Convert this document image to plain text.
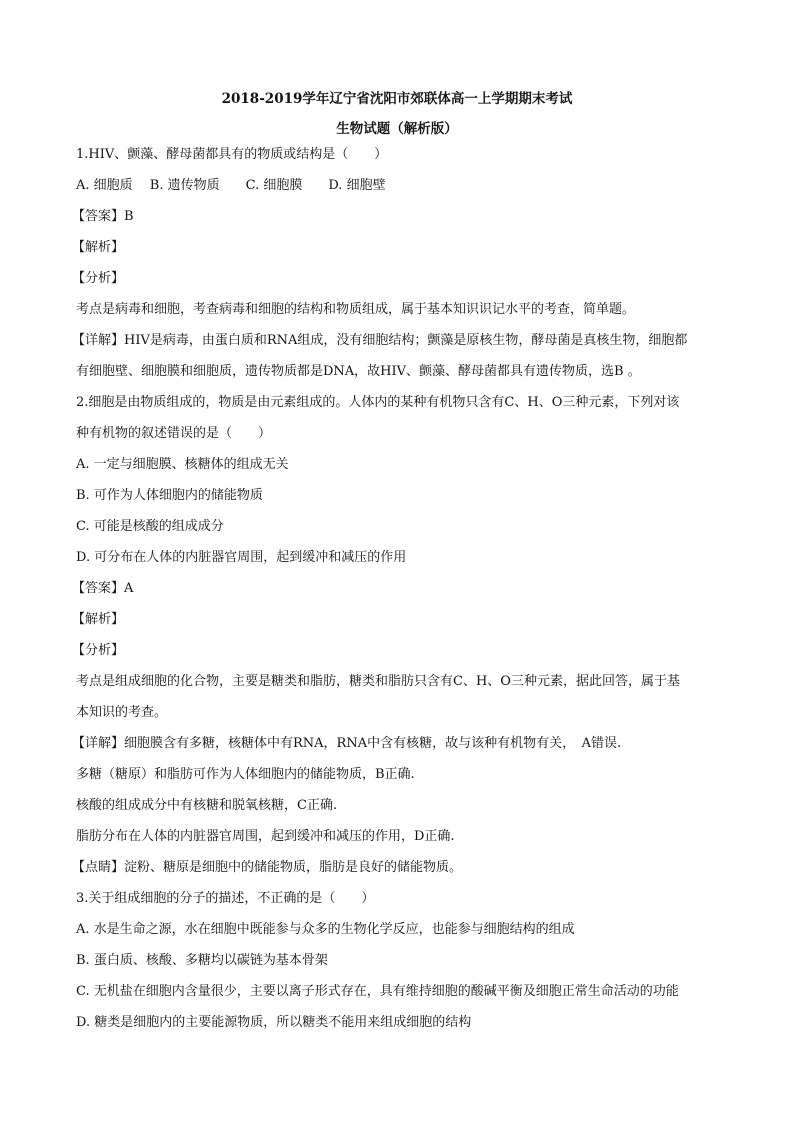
2018-2019学年辽宁省沈阳市郊联体高一上学期期末考试
生物试题（解析版）
1.HIV、颤藻、酵母菌都具有的物质或结构是（　　）
A. 细胞质　 B. 遗传物质　　C. 细胞膜　　D. 细胞壁
【答案】B
【解析】
【分析】
考点是病毒和细胞，考查病毒和细胞的结构和物质组成，属于基本知识识记水平的考查，简单题。
【详解】HIV是病毒，由蛋白质和RNA组成，没有细胞结构；颤藻是原核生物，酵母菌是真核生物，细胞都
有细胞壁、细胞膜和细胞质，遗传物质都是DNA，故HIV、颤藻、酵母菌都具有遗传物质，选B 。
2.细胞是由物质组成的，物质是由元素组成的。人体内的某种有机物只含有C、H、O三种元素，下列对该
种有机物的叙述错误的是（　　）
A. 一定与细胞膜、核糖体的组成无关
B. 可作为人体细胞内的储能物质
C. 可能是核酸的组成成分
D. 可分布在人体的内脏器官周围，起到缓冲和减压的作用
【答案】A
【解析】
【分析】
考点是组成细胞的化合物，主要是糖类和脂肪，糖类和脂肪只含有C、H、O三种元素，据此回答，属于基
本知识的考查。
【详解】细胞膜含有多糖，核糖体中有RNA，RNA中含有核糖，故与该种有机物有关，　A错误.
多糖（糖原）和脂肪可作为人体细胞内的储能物质，B正确.
核酸的组成成分中有核糖和脱氧核糖，C正确.
脂肪分布在人体的内脏器官周围，起到缓冲和减压的作用，D正确.
【点睛】淀粉、糖原是细胞中的储能物质，脂肪是良好的储能物质。
3.关于组成细胞的分子的描述，不正确的是（　　）
A. 水是生命之源，水在细胞中既能参与众多的生物化学反应，也能参与细胞结构的组成
B. 蛋白质、核酸、多糖均以碳链为基本骨架
C. 无机盐在细胞内含量很少，主要以离子形式存在，具有维持细胞的酸碱平衡及细胞正常生命活动的功能
D. 糖类是细胞内的主要能源物质，所以糖类不能用来组成细胞的结构
